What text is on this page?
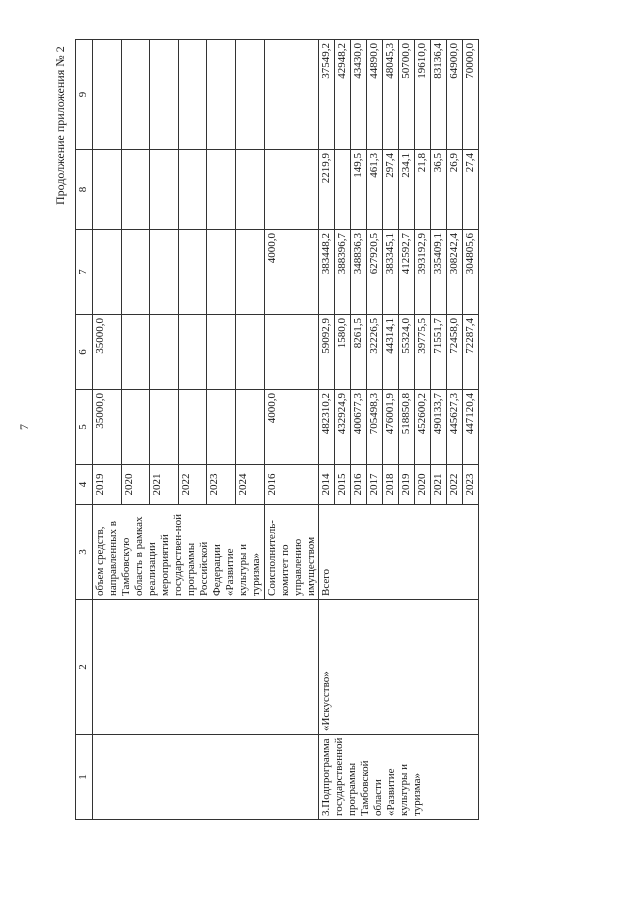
7
Продолжение приложения № 2
1	2	3	4	5	6	7	8	9
		объем средств, направленных в Тамбовскую область в рамках реализации мероприятий государствен-ной программы Российской Федерации «Развитие культуры и туризма»	2019	35000,0	35000,0			
			2020					
			2021					
			2022					
			2023					
			2024					
		Соисполнитель-комитет по управлению имуществом	2016	4000,0		4000,0		
3.Подпрограмма государственной программы Тамбовской области «Развитие культуры и туризма»	«Искусство»	Всего	2014	482310,2	59092,9	383448,2	2219,9	37549,2
			2015	432924,9	1580,0	388396,7		42948,2
			2016	400677,3	8261,5	348836,3	149,5	43430,0
			2017	705498,3	32226,5	627920,5	461,3	44890,0
			2018	476001,9	44314,1	383345,1	297,4	48045,3
			2019	518850,8	55324,0	412592,7	234,1	50700,0
			2020	452600,2	39775,5	393192,9	21,8	19610,0
			2021	490133,7	71551,7	335409,1	36,5	83136,4
			2022	445627,3	72458,0	308242,4	26,9	64900,0
			2023	447120,4	72287,4	304805,6	27,4	70000,0
